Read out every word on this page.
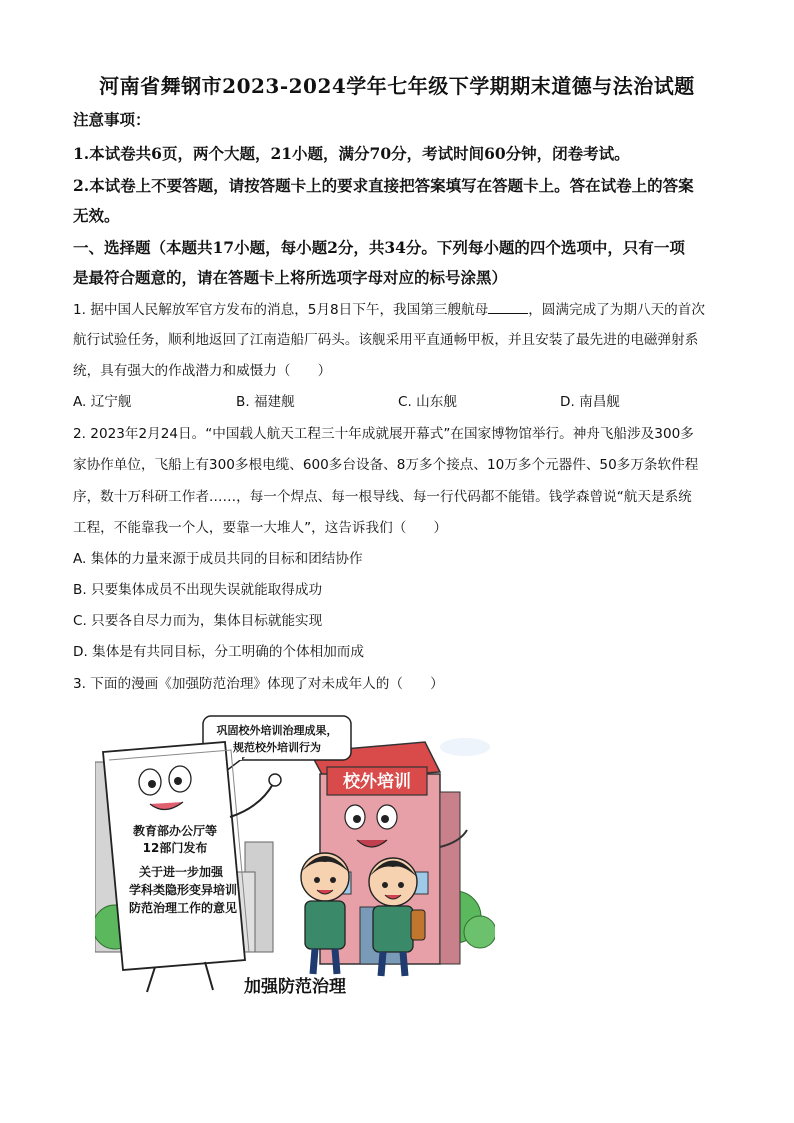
河南省舞钢市2023-2024学年七年级下学期期末道德与法治试题
注意事项：
1.本试卷共6页，两个大题，21小题，满分70分，考试时间60分钟，闭卷考试。
2.本试卷上不要答题，请按答题卡上的要求直接把答案填写在答题卡上。答在试卷上的答案
无效。
一、选择题（本题共17小题，每小题2分，共34分。下列每小题的四个选项中，只有一项
是最符合题意的，请在答题卡上将所选项字母对应的标号涂黑）
1. 据中国人民解放军官方发布的消息，5月8日下午，我国第三艘航母	，圆满完成了为期八天的首次
航行试验任务，顺利地返回了江南造船厂码头。该舰采用平直通畅甲板，并且安装了最先进的电磁弹射系
统，具有强大的作战潜力和威慑力（　　）
A. 辽宁舰	B. 福建舰	C. 山东舰	D. 南昌舰
2. 2023年2月24日。“中国载人航天工程三十年成就展开幕式”在国家博物馆举行。神舟飞船涉及300多
家协作单位，飞船上有300多根电缆、600多台设备、8万多个接点、10万多个元器件、50多万条软件程
序，数十万科研工作者……，每一个焊点、每一根导线、每一行代码都不能错。钱学森曾说“航天是系统
工程，不能靠我一个人，要靠一大堆人”，这告诉我们（　　）
A. 集体的力量来源于成员共同的目标和团结协作
B. 只要集体成员不出现失误就能取得成功
C. 只要各自尽力而为，集体目标就能实现
D. 集体是有共同目标，分工明确的个体相加而成
3. 下面的漫画《加强防范治理》体现了对未成年人的（　　）
校外培训
巩固校外培训治理成果，
规范校外培训行为
教育部办公厅等
12部门发布
关于进一步加强
学科类隐形变异培训
防范治理工作的意见
加强防范治理
